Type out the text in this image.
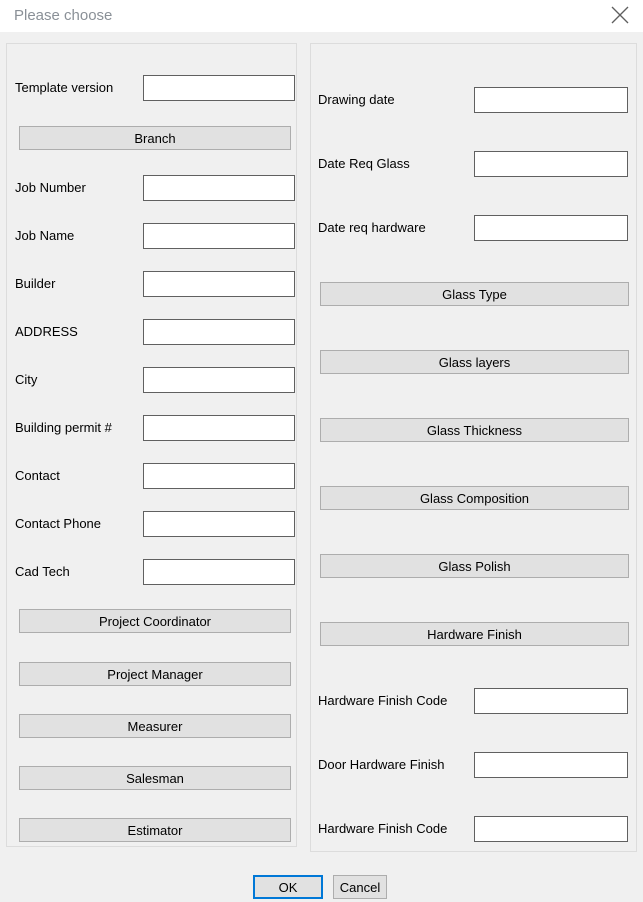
Please choose
Template version
Branch
Job Number
Job Name
Builder
ADDRESS
City
Building permit #
Contact
Contact Phone
Cad Tech
Project Coordinator
Project Manager
Measurer
Salesman
Estimator
Drawing date
Date Req Glass
Date req hardware
Glass Type
Glass layers
Glass Thickness
Glass Composition
Glass Polish
Hardware Finish
Hardware Finish Code
Door Hardware Finish
Hardware Finish Code
OK	Cancel
